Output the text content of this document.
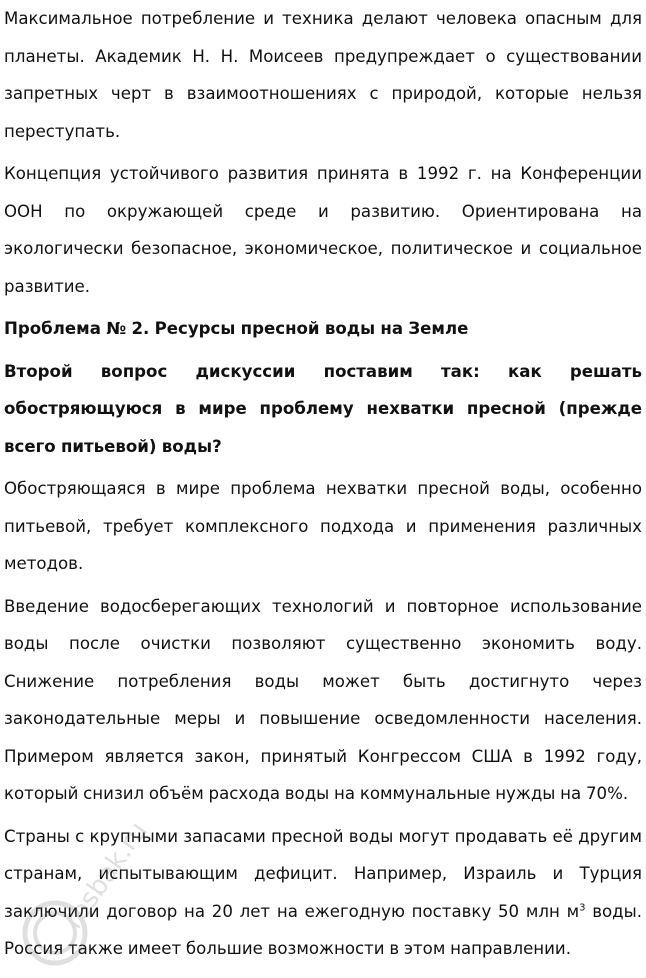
Максимальное потребление и техника делают человека опасным для планеты. Академик Н. Н. Моисеев предупреждает о существовании запретных черт в взаимоотношениях с природой, которые нельзя переступать.

Концепция устойчивого развития принята в 1992 г. на Конференции ООН по окружающей среде и развитию. Ориентирована на экологически безопасное, экономическое, политическое и социальное развитие.

Проблема № 2. Ресурсы пресной воды на Земле

Второй вопрос дискуссии поставим так: как решать обостряющуюся в мире проблему нехватки пресной (прежде всего питьевой) воды?

Обостряющаяся в мире проблема нехватки пресной воды, особенно питьевой, требует комплексного подхода и применения различных методов.

Введение водосберегающих технологий и повторное использование воды после очистки позволяют существенно экономить воду. Снижение потребления воды может быть достигнуто через законодательные меры и повышение осведомленности населения. Примером является закон, принятый Конгрессом США в 1992 году, который снизил объём расхода воды на коммунальные нужды на 70%.

Страны с крупными запасами пресной воды могут продавать её другим странам, испытывающим дефицит. Например, Израиль и Турция заключили договор на 20 лет на ежегодную поставку 50 млн $м^3$ воды. Россия также имеет большие возможности в этом направлении.

resbak.ru
